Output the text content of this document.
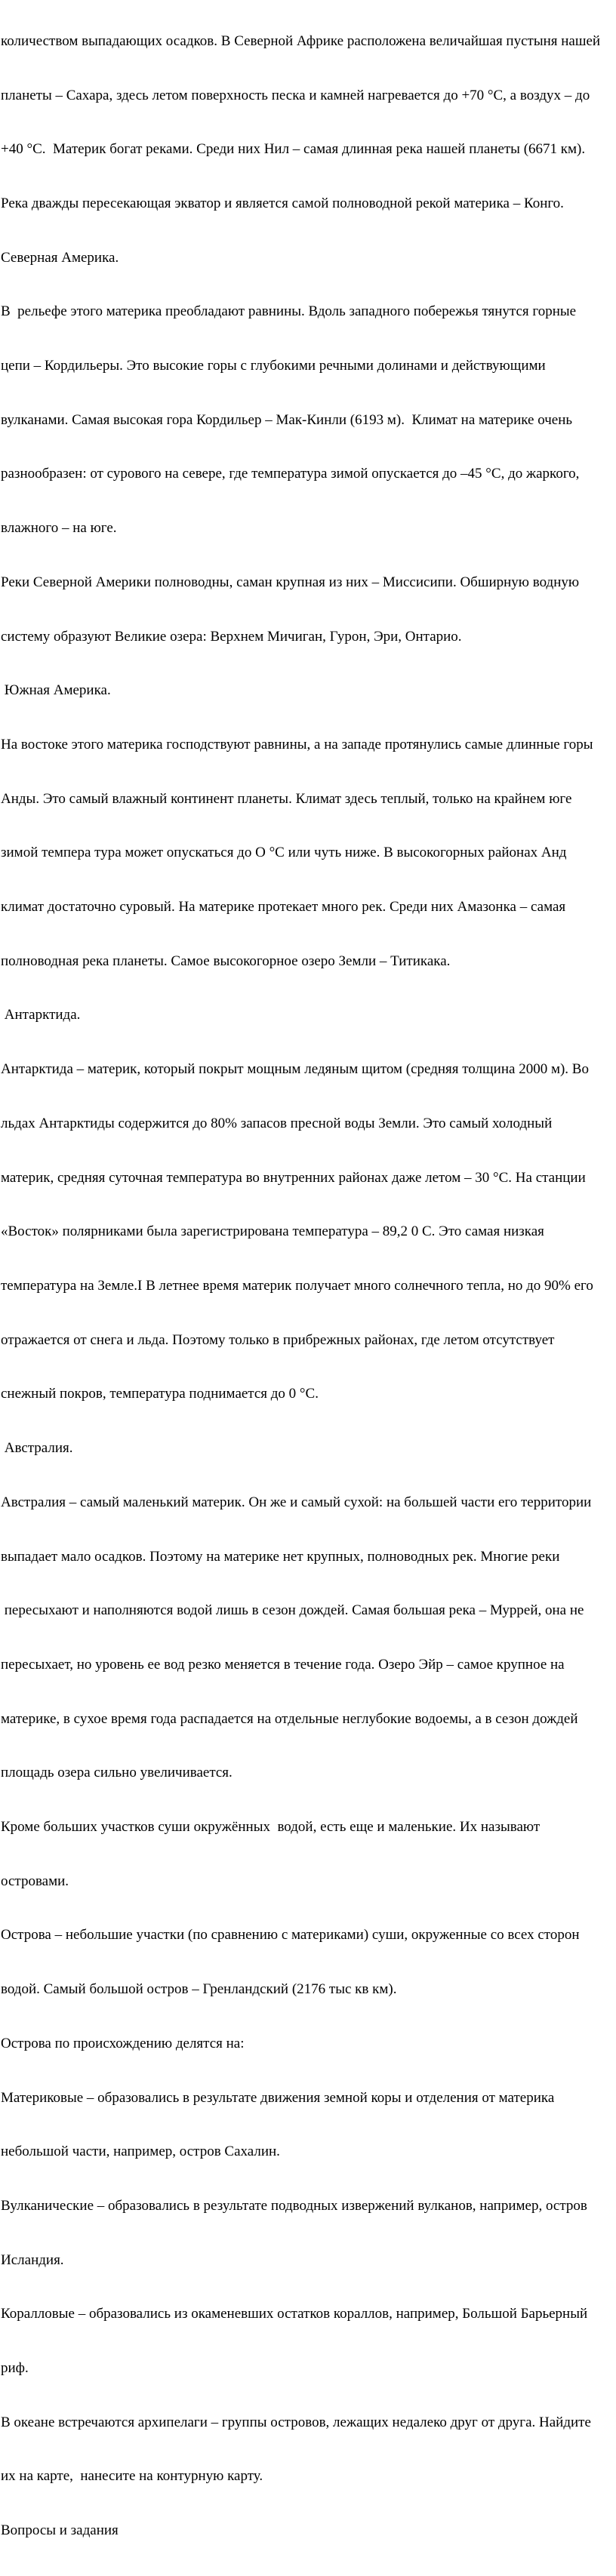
количеством выпадающих осадков. В Северной Африке расположена величайшая пустыня нашей

планеты – Сахара, здесь летом поверхность песка и камней нагревается до +70 °С, а воздух – до

+40 °С.  Материк богат реками. Среди них Нил – самая длинная река нашей планеты (6671 км).

Река дважды пересекающая экватор и является самой полноводной рекой материка – Конго.

Северная Америка.

В  рельефе этого материка преобладают равнины. Вдоль западного побережья тянутся горные

цепи – Кордильеры. Это высокие горы с глубокими речными долинами и действующими

вулканами. Самая высокая гора Кордильер – Мак-Кинли (6193 м).  Климат на материке очень

разнообразен: от сурового на севере, где температура зимой опускается до –45 °С, до жаркого,

влажного – на юге.

Реки Северной Америки полноводны, саман крупная из них – Миссисипи. Обширную водную

систему образуют Великие озера: Верхнем Мичиган, Гурон, Эри, Онтарио.

Южная Америка.

На востоке этого материка господствуют равнины, а на западе протянулись самые длинные горы

Анды. Это самый влажный континент планеты. Климат здесь теплый, только на крайнем юге

зимой темпера тура может опускаться до О °С или чуть ниже. В высокогорных районах Анд

климат достаточно суровый. На материке протекает много рек. Среди них Амазонка – самая

полноводная река планеты. Самое высокогорное озеро Земли – Титикака.

Антарктида.

Антарктида – материк, который покрыт мощным ледяным щитом (средняя толщина 2000 м). Во

льдах Антарктиды содержится до 80% запасов пресной воды Земли. Это самый холодный

материк, средняя суточная температура во внутренних районах даже летом – 30 °С. На станции

«Восток» полярниками была зарегистрирована температура – 89,2 0 С. Это самая низкая

температура на Земле.I В летнее время материк получает много солнечного тепла, но до 90% его

отражается от снега и льда. Поэтому только в прибрежных районах, где летом отсутствует

снежный покров, температура поднимается до 0 °С.

Австралия.

Австралия – самый маленький материк. Он же и самый сухой: на большей части его территории

выпадает мало осадков. Поэтому на материке нет крупных, полноводных рек. Многие реки

пересыхают и наполняются водой лишь в сезон дождей. Самая большая река – Муррей, она не

пересыхает, но уровень ее вод резко меняется в течение года. Озеро Эйр – самое крупное на

материке, в сухое время года распадается на отдельные неглубокие водоемы, а в сезон дождей

площадь озера сильно увеличивается.

Кроме больших участков суши окружённых  водой, есть еще и маленькие. Их называют

островами.

Острова – небольшие участки (по сравнению с материками) суши, окруженные со всех сторон

водой. Самый большой остров – Гренландский (2176 тыс кв км).

Острова по происхождению делятся на:

Материковые – образовались в результате движения земной коры и отделения от материка

небольшой части, например, остров Сахалин.

Вулканические – образовались в результате подводных извержений вулканов, например, остров

Исландия.

Коралловые – образовались из окаменевших остатков кораллов, например, Большой Барьерный

риф.

В океане встречаются архипелаги – группы островов, лежащих недалеко друг от друга. Найдите

их на карте,  нанесите на контурную карту.

Вопросы и задания
